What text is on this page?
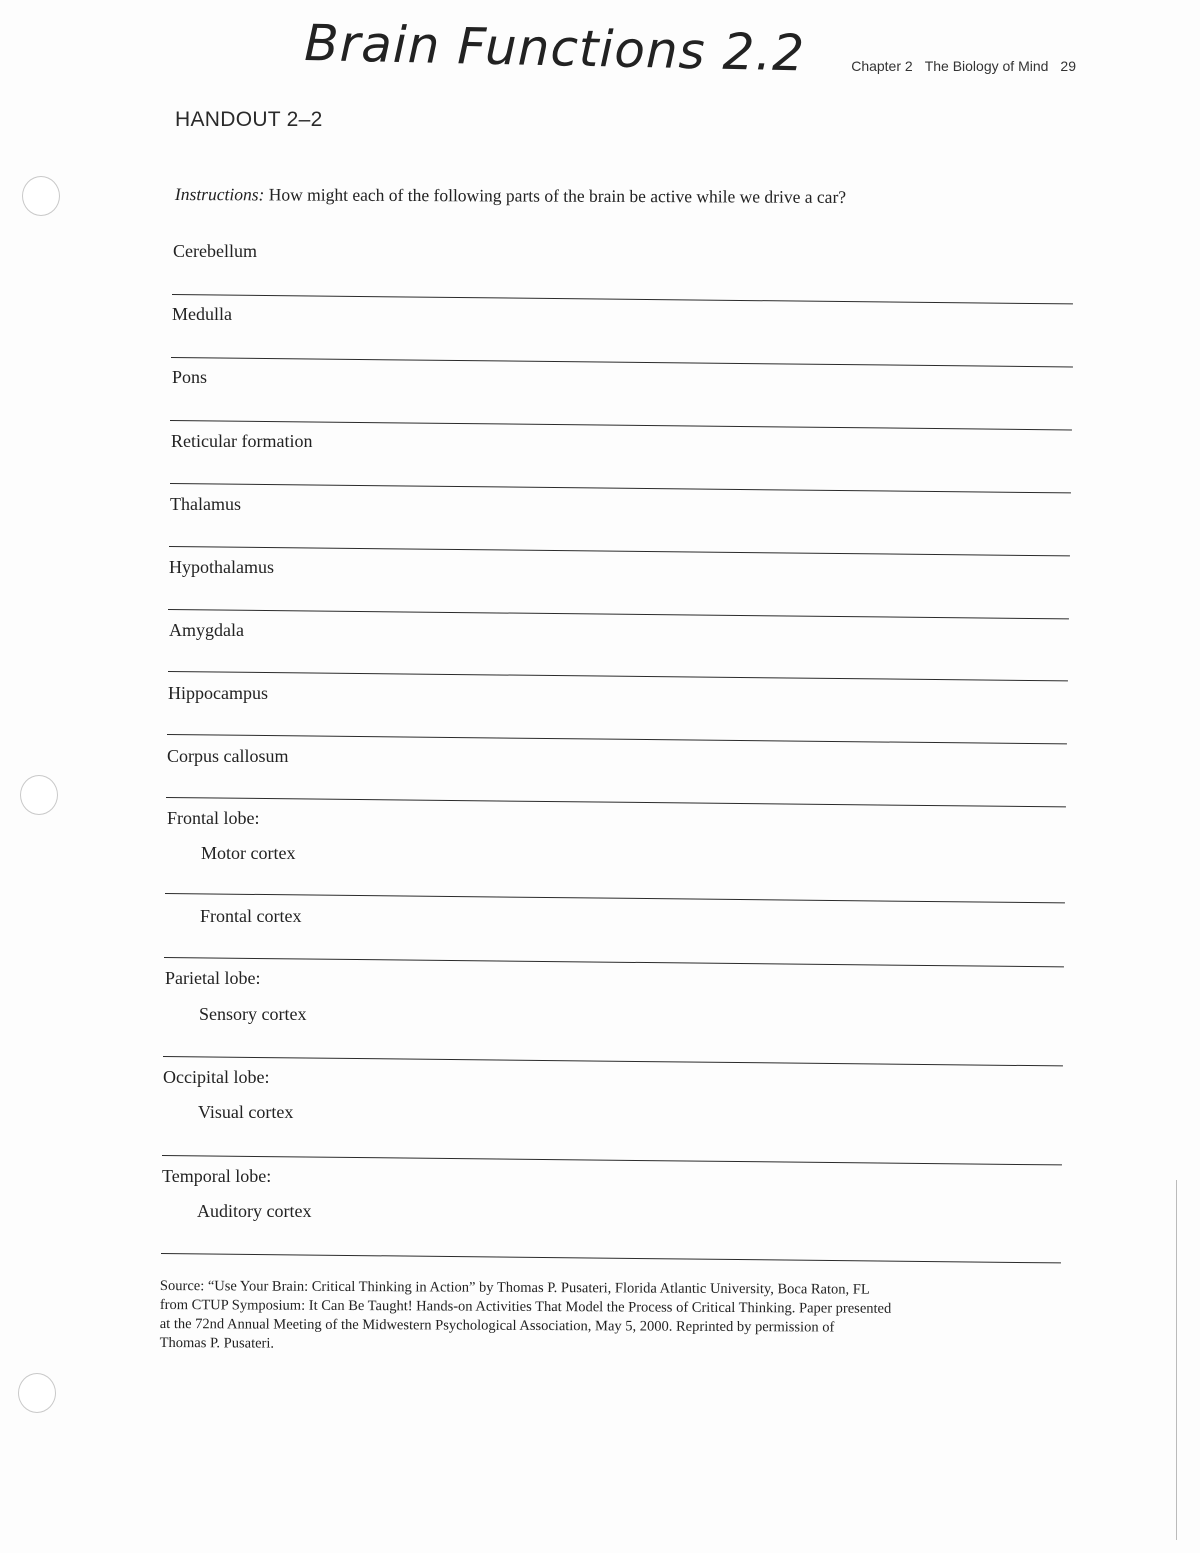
Brain Functions 2.2	Chapter 2 The Biology of Mind 29
HANDOUT 2–2
Instructions: How might each of the following parts of the brain be active while we drive a car?
Cerebellum
Medulla
Pons
Reticular formation
Thalamus
Hypothalamus
Amygdala
Hippocampus
Corpus callosum
Frontal lobe:
Motor cortex
Frontal cortex
Parietal lobe:
Sensory cortex
Occipital lobe:
Visual cortex
Temporal lobe:
Auditory cortex
Source: “Use Your Brain: Critical Thinking in Action” by Thomas P. Pusateri, Florida Atlantic University, Boca Raton, FL
from CTUP Symposium: It Can Be Taught! Hands-on Activities That Model the Process of Critical Thinking. Paper presented
at the 72nd Annual Meeting of the Midwestern Psychological Association, May 5, 2000. Reprinted by permission of
Thomas P. Pusateri.
